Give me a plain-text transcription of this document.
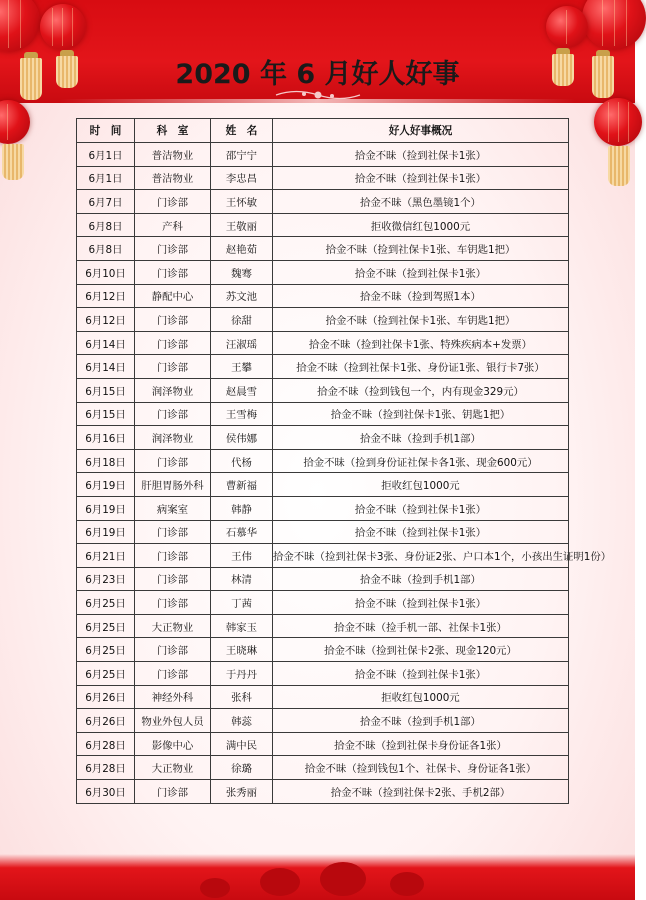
2020 年 6 月好人好事
时　间	科　室	姓　名	好人好事概况
6月1日	普洁物业	邵宁宁	拾金不昧（捡到社保卡1张）
6月1日	普洁物业	李忠昌	拾金不昧（捡到社保卡1张）
6月7日	门诊部	王怀敏	拾金不昧（黑色墨镜1个）
6月8日	产科	王敬丽	拒收微信红包1000元
6月8日	门诊部	赵艳茹	拾金不昧（捡到社保卡1张、车钥匙1把）
6月10日	门诊部	魏骞	拾金不昧（捡到社保卡1张）
6月12日	静配中心	苏文池	拾金不昧（捡到驾照1本）
6月12日	门诊部	徐甜	拾金不昧（捡到社保卡1张、车钥匙1把）
6月14日	门诊部	汪淑瑶	拾金不昧（捡到社保卡1张、特殊疾病本+发票）
6月14日	门诊部	王攀	拾金不昧（捡到社保卡1张、身份证1张、银行卡7张）
6月15日	润泽物业	赵晨雪	拾金不昧（捡到钱包一个，内有现金329元）
6月15日	门诊部	王雪梅	拾金不昧（捡到社保卡1张、钥匙1把）
6月16日	润泽物业	侯伟娜	拾金不昧（捡到手机1部）
6月18日	门诊部	代杨	拾金不昧（捡到身份证社保卡各1张、现金600元）
6月19日	肝胆胃肠外科	曹新福	拒收红包1000元
6月19日	病案室	韩静	拾金不昧（捡到社保卡1张）
6月19日	门诊部	石慕华	拾金不昧（捡到社保卡1张）
6月21日	门诊部	王伟	拾金不昧（捡到社保卡3张、身份证2张、户口本1个，小孩出生证明1份）
6月23日	门诊部	林清	拾金不昧（捡到手机1部）
6月25日	门诊部	丁茜	拾金不昧（捡到社保卡1张）
6月25日	大正物业	韩家玉	拾金不昧（捡手机一部、社保卡1张）
6月25日	门诊部	王晓琳	拾金不昧（捡到社保卡2张、现金120元）
6月25日	门诊部	于丹丹	拾金不昧（捡到社保卡1张）
6月26日	神经外科	张科	拒收红包1000元
6月26日	物业外包人员	韩蕊	拾金不昧（捡到手机1部）
6月28日	影像中心	满中民	拾金不昧（捡到社保卡身份证各1张）
6月28日	大正物业	徐璐	拾金不昧（捡到钱包1个、社保卡、身份证各1张）
6月30日	门诊部	张秀丽	拾金不昧（捡到社保卡2张、手机2部）
